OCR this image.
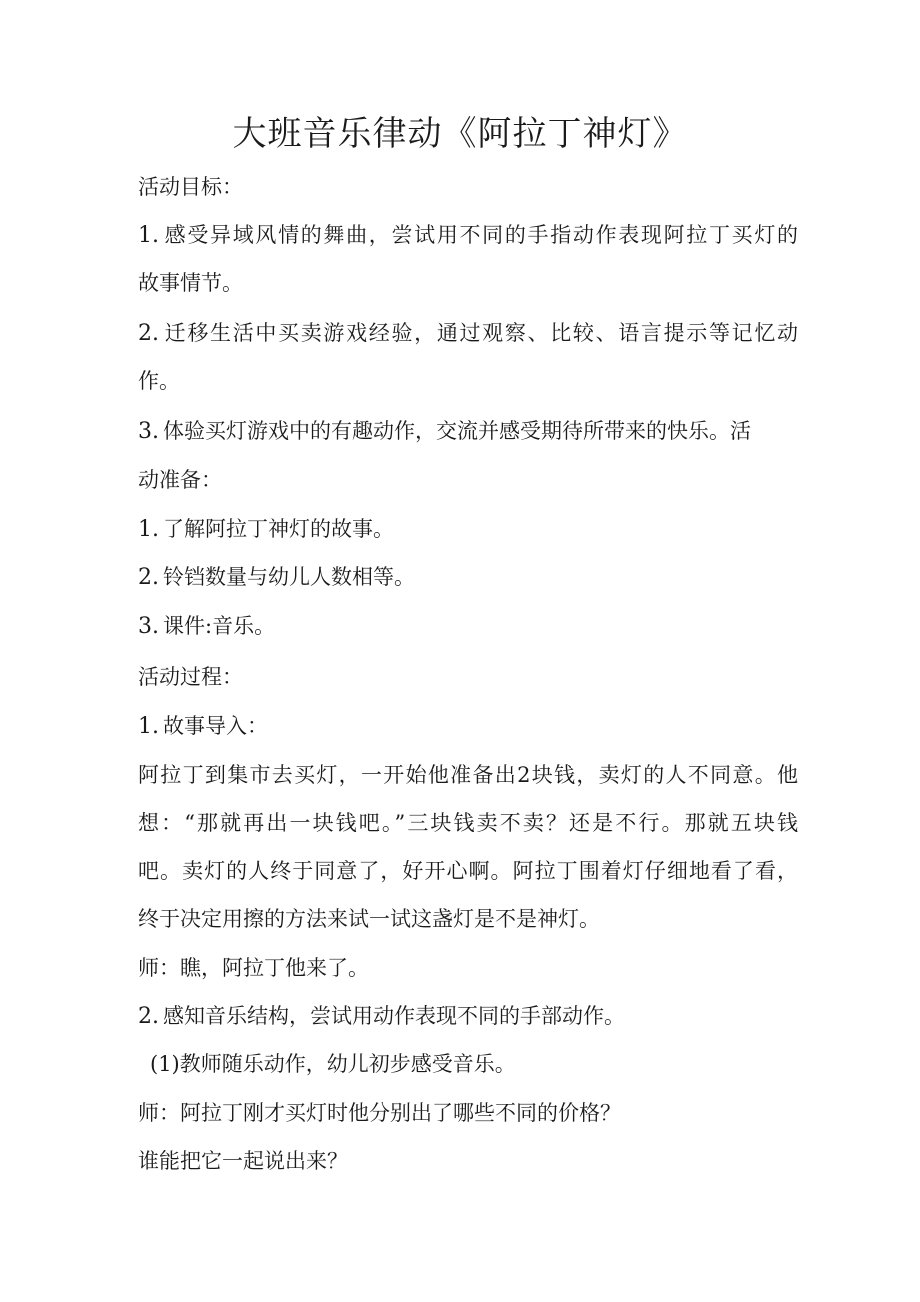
大班音乐律动《阿拉丁神灯》

活动目标：

1. 感受异域风情的舞曲，尝试用不同的手指动作表现阿拉丁买灯的

故事情节。

2. 迁移生活中买卖游戏经验，通过观察、比较、语言提示等记忆动

作。

3. 体验买灯游戏中的有趣动作，交流并感受期待所带来的快乐。活

动准备：

1. 了解阿拉丁神灯的故事。

2. 铃铛数量与幼儿人数相等。

3. 课件:音乐。

活动过程：

1. 故事导入：

阿拉丁到集市去买灯，一开始他准备出2块钱，卖灯的人不同意。他

想：“那就再出一块钱吧。”三块钱卖不卖？还是不行。那就五块钱

吧。卖灯的人终于同意了，好开心啊。阿拉丁围着灯仔细地看了看，

终于决定用擦的方法来试一试这盏灯是不是神灯。

师：瞧，阿拉丁他来了。

2. 感知音乐结构，尝试用动作表现不同的手部动作。

(1)教师随乐动作，幼儿初步感受音乐。

师：阿拉丁刚才买灯时他分别出了哪些不同的价格？

谁能把它一起说出来？
